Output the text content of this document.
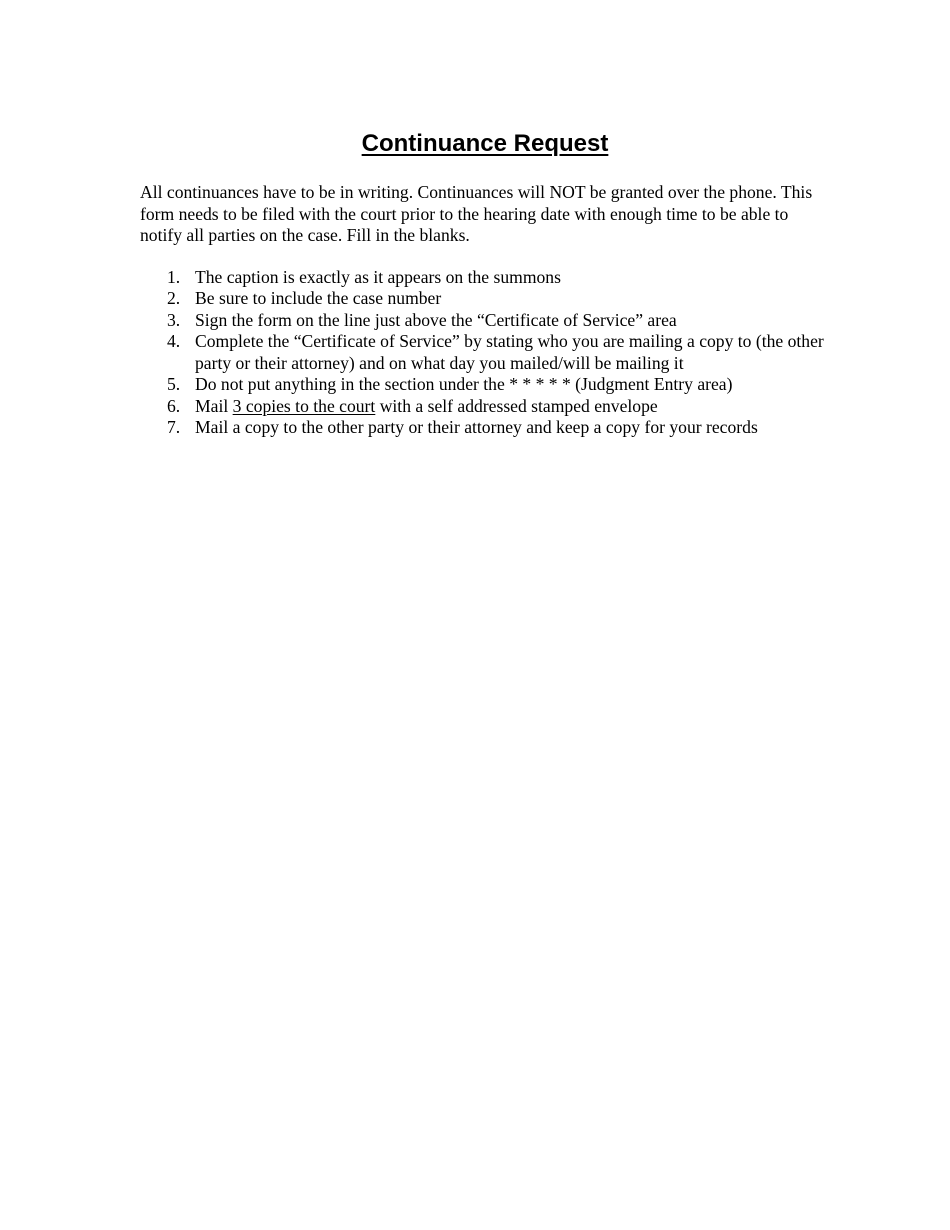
Continuance Request

All continuances have to be in writing. Continuances will NOT be granted over the phone. This form needs to be filed with the court prior to the hearing date with enough time to be able to notify all parties on the case. Fill in the blanks.

1. The caption is exactly as it appears on the summons
2. Be sure to include the case number
3. Sign the form on the line just above the “Certificate of Service” area
4. Complete the “Certificate of Service” by stating who you are mailing a copy to (the other party or their attorney) and on what day you mailed/will be mailing it
5. Do not put anything in the section under the * * * * * (Judgment Entry area)
6. Mail 3 copies to the court with a self addressed stamped envelope
7. Mail a copy to the other party or their attorney and keep a copy for your records
